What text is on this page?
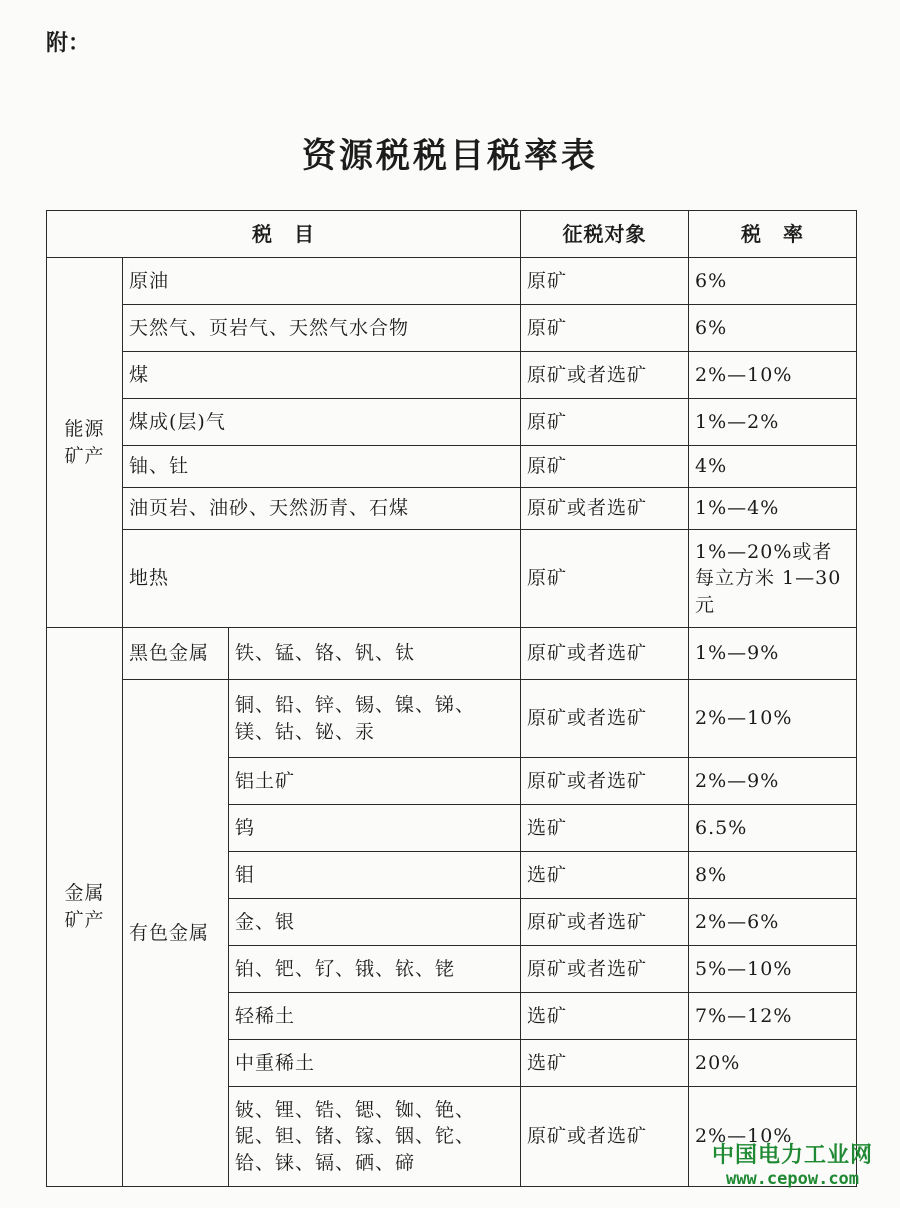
附：
资源税税目税率表
税　目			征税对象	税　率

能源
矿产	原油		原矿	6%
	天然气、页岩气、天然气水合物		原矿	6%
	煤		原矿或者选矿	2%—10%
	煤成(层)气		原矿	1%—2%
	铀、钍		原矿	4%
	油页岩、油砂、天然沥青、石煤		原矿或者选矿	1%—4%
	地热		原矿	1%—20%或者每立方米 1—30元

金属
矿产	黑色金属	铁、锰、铬、钒、钛	原矿或者选矿	1%—9%
	有色金属	铜、铅、锌、锡、镍、锑、镁、钴、铋、汞	原矿或者选矿	2%—10%
		铝土矿	原矿或者选矿	2%—9%
		钨	选矿	6.5%
		钼	选矿	8%
		金、银	原矿或者选矿	2%—6%
		铂、钯、钌、锇、铱、铑	原矿或者选矿	5%—10%
		轻稀土	选矿	7%—12%
		中重稀土	选矿	20%
		铍、锂、锆、锶、铷、铯、铌、钽、锗、镓、铟、铊、铪、铼、镉、硒、碲	原矿或者选矿	2%—10%
中国电力工业网
www.cepow.com
